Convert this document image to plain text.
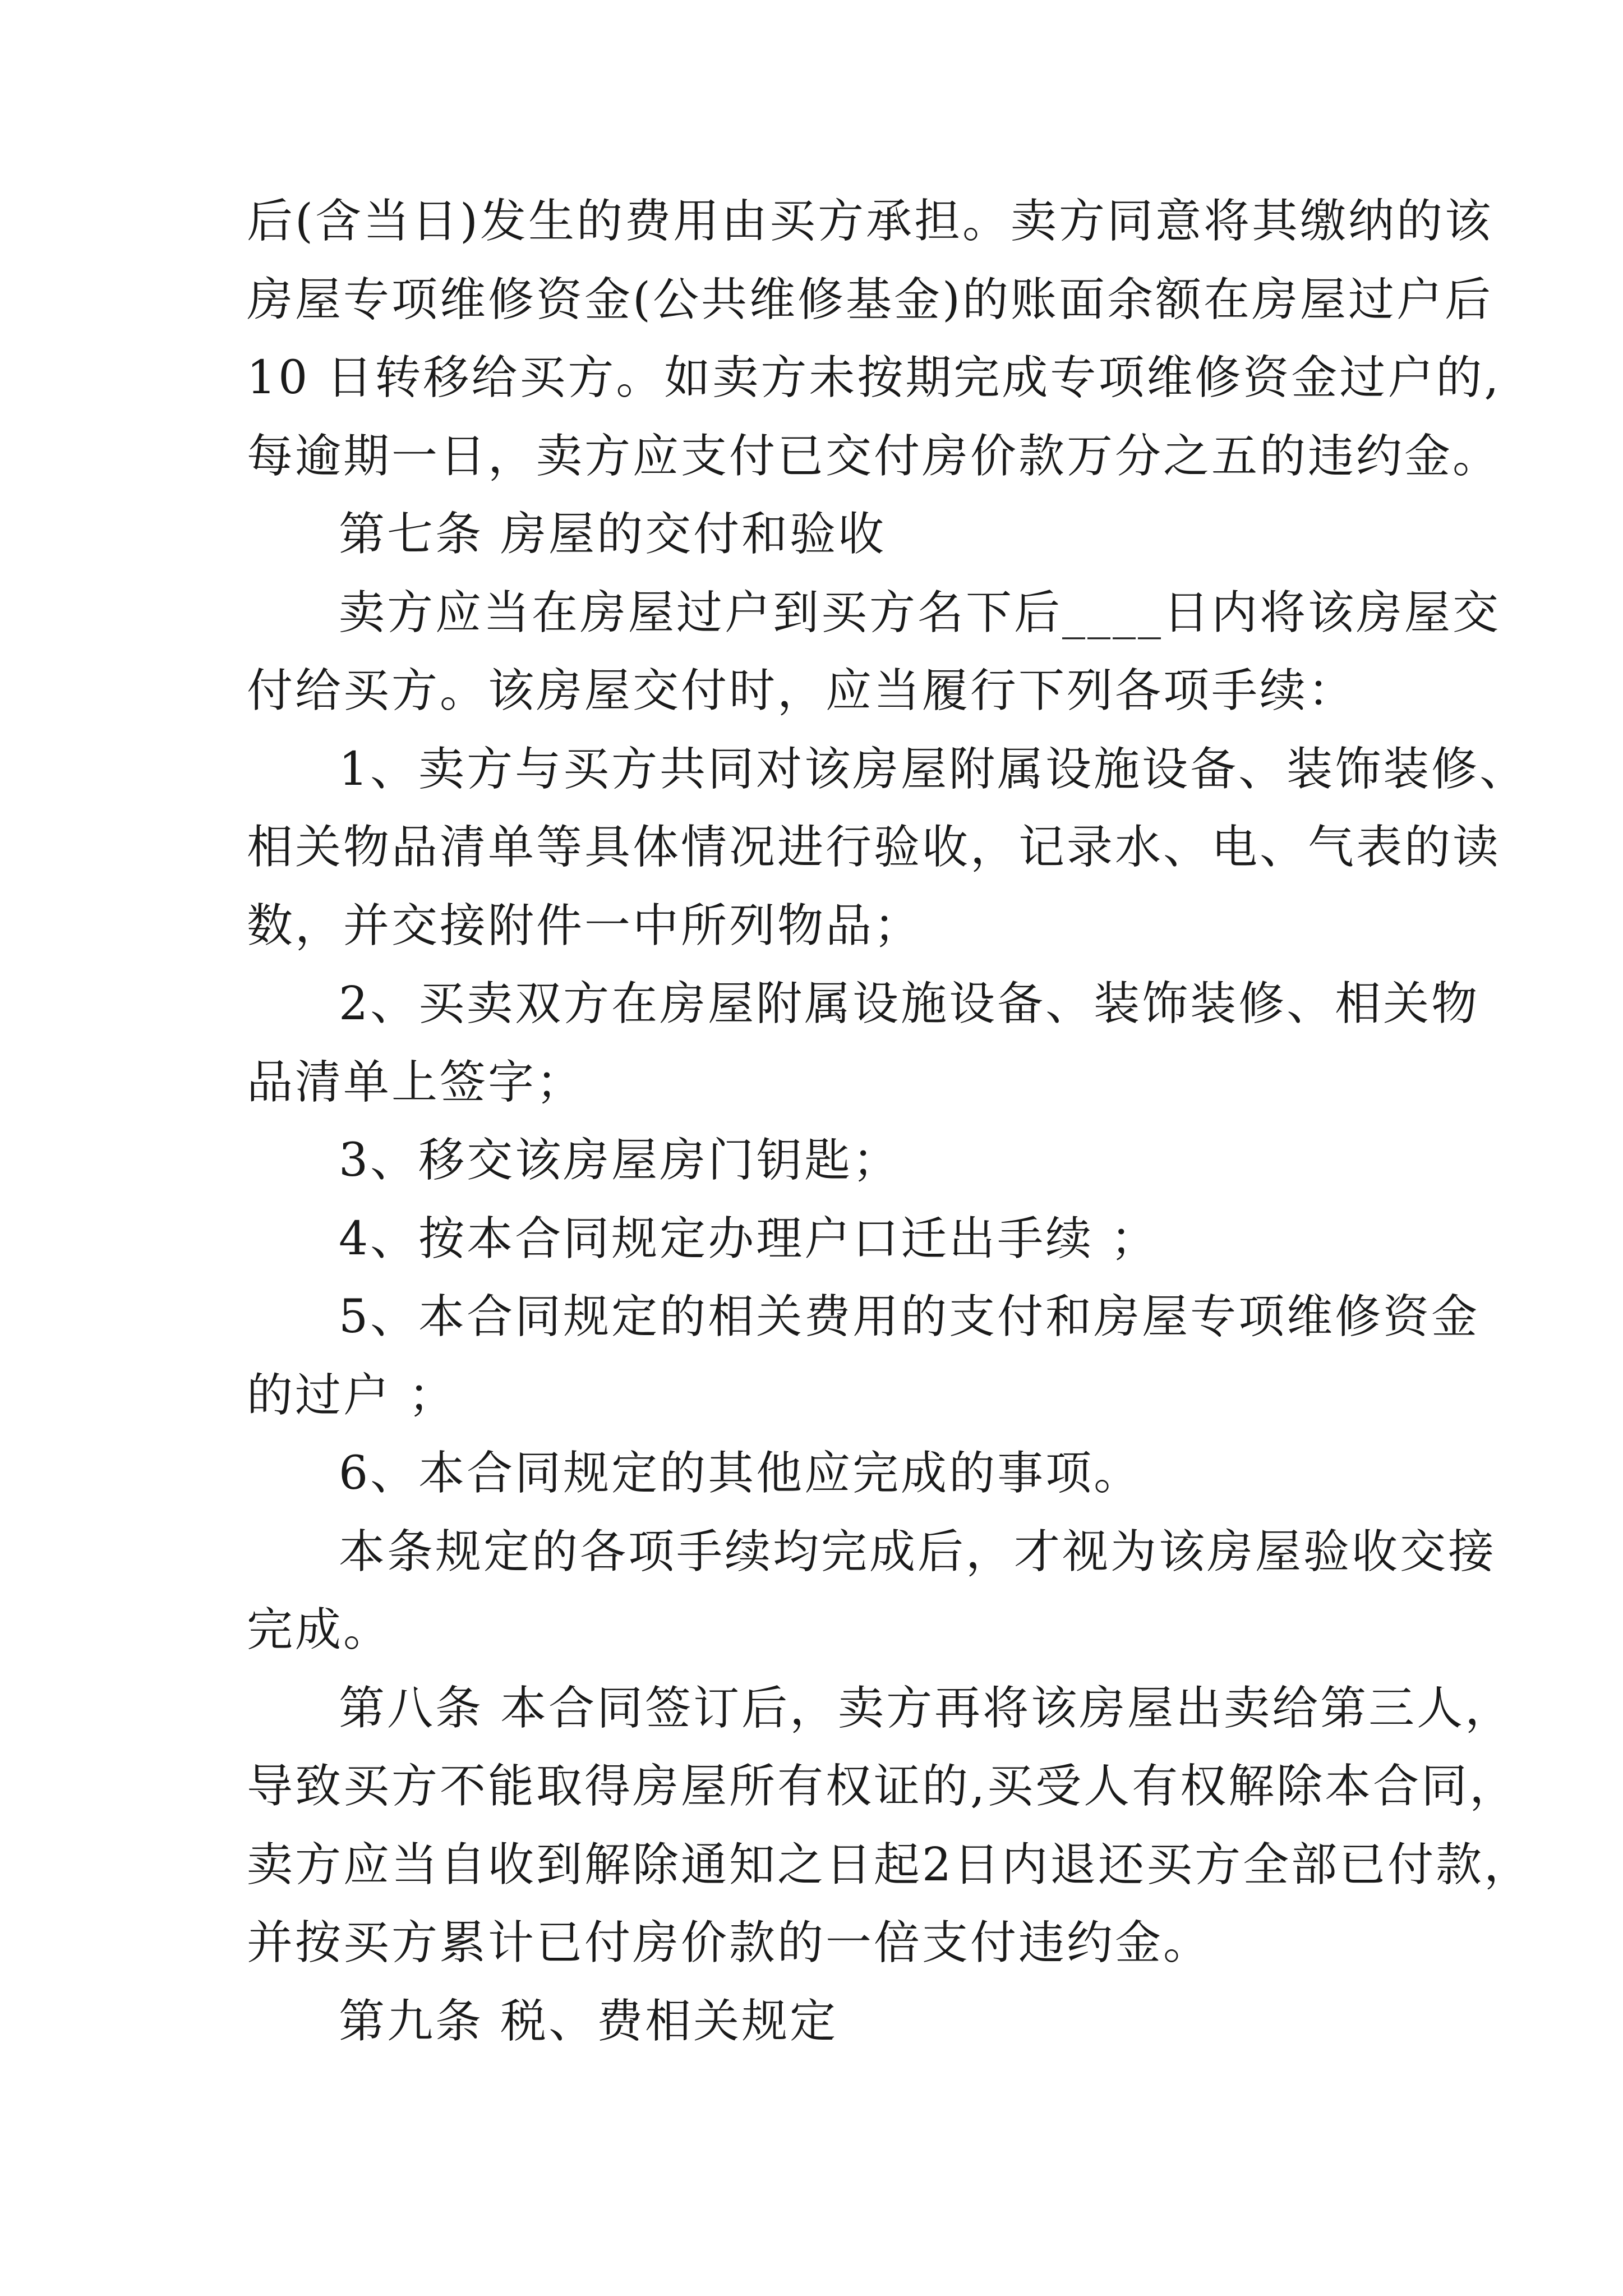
后(含当日)发生的费用由买方承担。卖方同意将其缴纳的该
房屋专项维修资金(公共维修基金)的账面余额在房屋过户后
10 日转移给买方。如卖方未按期完成专项维修资金过户的,
每逾期一日，卖方应支付已交付房价款万分之五的违约金。
第七条 房屋的交付和验收
卖方应当在房屋过户到买方名下后____日内将该房屋交
付给买方。该房屋交付时，应当履行下列各项手续：
1、卖方与买方共同对该房屋附属设施设备、装饰装修、
相关物品清单等具体情况进行验收，记录水、电、气表的读
数，并交接附件一中所列物品；
2、买卖双方在房屋附属设施设备、装饰装修、相关物
品清单上签字；
3、移交该房屋房门钥匙；
4、按本合同规定办理户口迁出手续 ；
5、本合同规定的相关费用的支付和房屋专项维修资金
的过户 ；
6、本合同规定的其他应完成的事项。
本条规定的各项手续均完成后，才视为该房屋验收交接
完成。
第八条 本合同签订后，卖方再将该房屋出卖给第三人，
导致买方不能取得房屋所有权证的,买受人有权解除本合同，
卖方应当自收到解除通知之日起2日内退还买方全部已付款，
并按买方累计已付房价款的一倍支付违约金。
第九条 税、费相关规定
